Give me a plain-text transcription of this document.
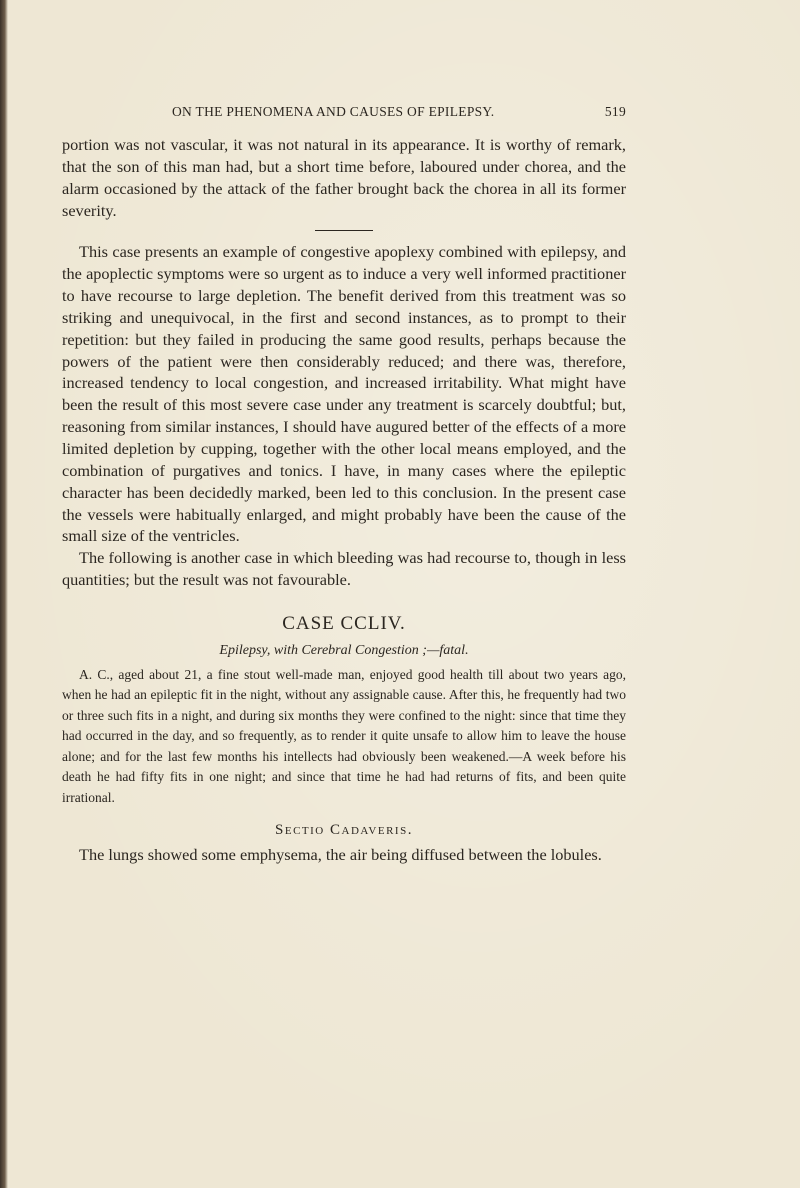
ON THE PHENOMENA AND CAUSES OF EPILEPSY.	519

portion was not vascular, it was not natural in its appearance. It is worthy of remark, that the son of this man had, but a short time before, laboured under chorea, and the alarm occasioned by the attack of the father brought back the chorea in all its former severity.

This case presents an example of congestive apoplexy combined with epilepsy, and the apoplectic symptoms were so urgent as to induce a very well informed practitioner to have recourse to large depletion. The benefit derived from this treatment was so striking and unequivocal, in the first and second instances, as to prompt to their repetition: but they failed in producing the same good results, perhaps because the powers of the patient were then considerably reduced; and there was, therefore, increased tendency to local congestion, and increased irritability. What might have been the result of this most severe case under any treatment is scarcely doubtful; but, reasoning from similar instances, I should have augured better of the effects of a more limited depletion by cupping, together with the other local means employed, and the combination of purgatives and tonics. I have, in many cases where the epileptic character has been decidedly marked, been led to this conclusion. In the present case the vessels were habitually enlarged, and might probably have been the cause of the small size of the ventricles.

The following is another case in which bleeding was had recourse to, though in less quantities; but the result was not favourable.

CASE CCLIV.
Epilepsy, with Cerebral Congestion ;—fatal.

A. C., aged about 21, a fine stout well-made man, enjoyed good health till about two years ago, when he had an epileptic fit in the night, without any assignable cause. After this, he frequently had two or three such fits in a night, and during six months they were confined to the night: since that time they had occurred in the day, and so frequently, as to render it quite unsafe to allow him to leave the house alone; and for the last few months his intellects had obviously been weakened.—A week before his death he had fifty fits in one night; and since that time he had had returns of fits, and been quite irrational.

Sectio Cadaveris.

The lungs showed some emphysema, the air being diffused between the lobules.
